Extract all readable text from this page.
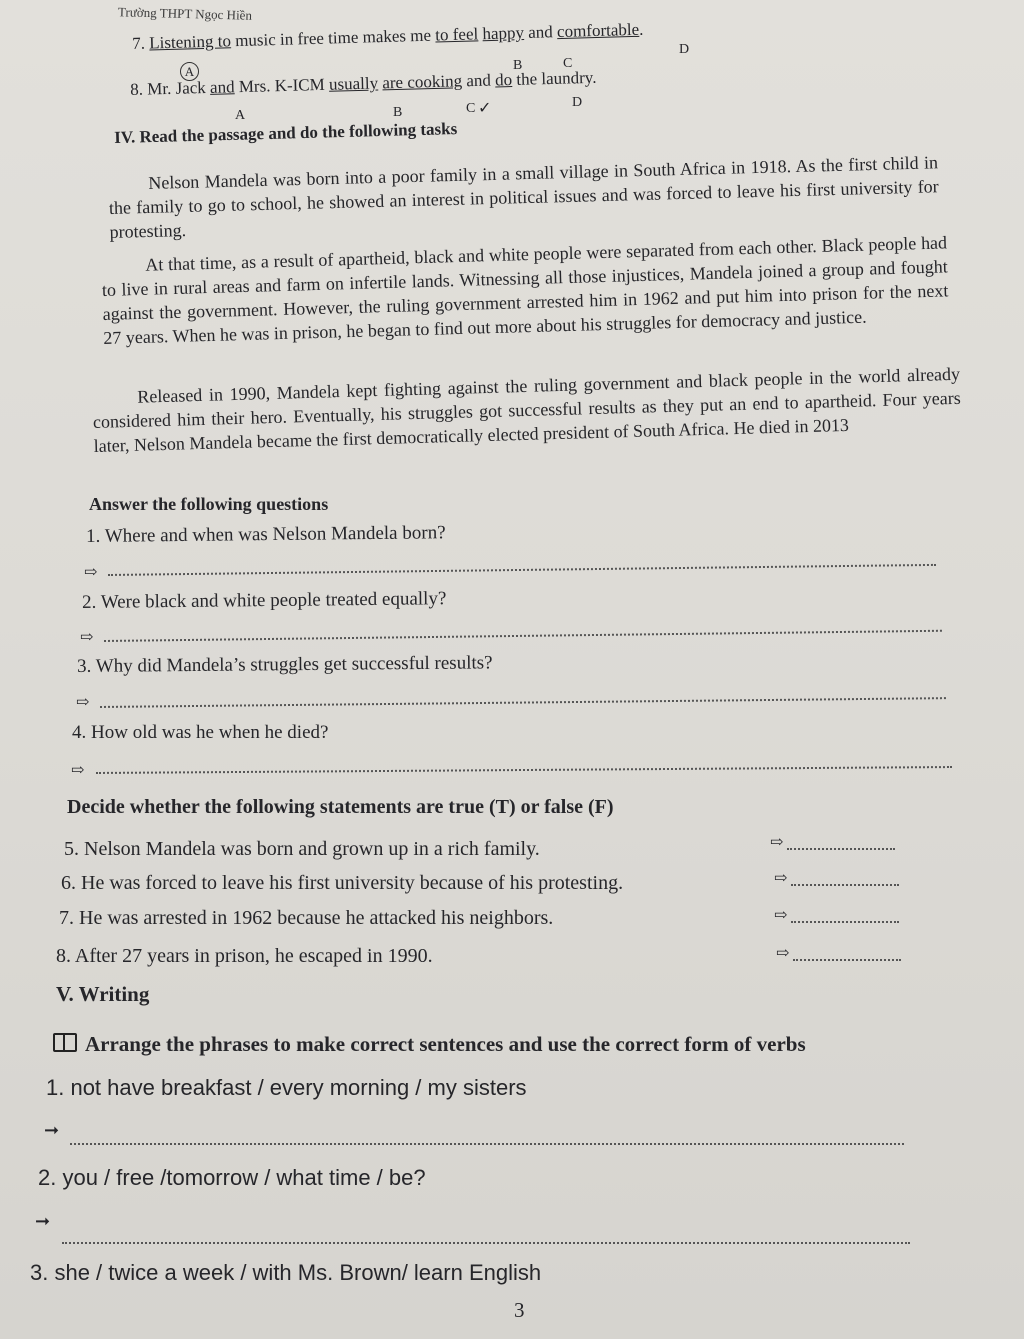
Trường THPT Ngọc Hiền
7. Listening to music in free time makes me to feel happy and comfortable.
A	B	C
D
8. Mr. Jack and Mrs. K-ICM usually are cooking and do the laundry.
A	B	C	D
✓
IV. Read the passage and do the following tasks
Nelson Mandela was born into a poor family in a small village in South Africa in 1918. As the first child in the family to go to school, he showed an interest in political issues and was forced to leave his first university for protesting.
At that time, as a result of apartheid, black and white people were separated from each other. Black people had to live in rural areas and farm on infertile lands. Witnessing all those injustices, Mandela joined a group and fought against the government. However, the ruling government arrested him in 1962 and put him into prison for the next 27 years. When he was in prison, he began to find out more about his struggles for democracy and justice.
Released in 1990, Mandela kept fighting against the ruling government and black people in the world already considered him their hero. Eventually, his struggles got successful results as they put an end to apartheid. Four years later, Nelson Mandela became the first democratically elected president of South Africa. He died in 2013
Answer the following questions
1. Where and when was Nelson Mandela born?
⇨
2. Were black and white people treated equally?
⇨
3. Why did Mandela’s struggles get successful results?
⇨
4. How old was he when he died?
⇨
Decide whether the following statements are true (T) or false (F)
5. Nelson Mandela was born and grown up in a rich family.	⇨
6. He was forced to leave his first university because of his protesting.	⇨
7. He was arrested in 1962 because he attacked his neighbors.	⇨
8. After 27 years in prison, he escaped in 1990.	⇨
V. Writing
Arrange the phrases to make correct sentences and use the correct form of verbs
1. not have breakfast / every morning / my sisters
➞
2. you / free /tomorrow / what time / be?
➞
3. she / twice a week / with Ms. Brown/ learn English
3
